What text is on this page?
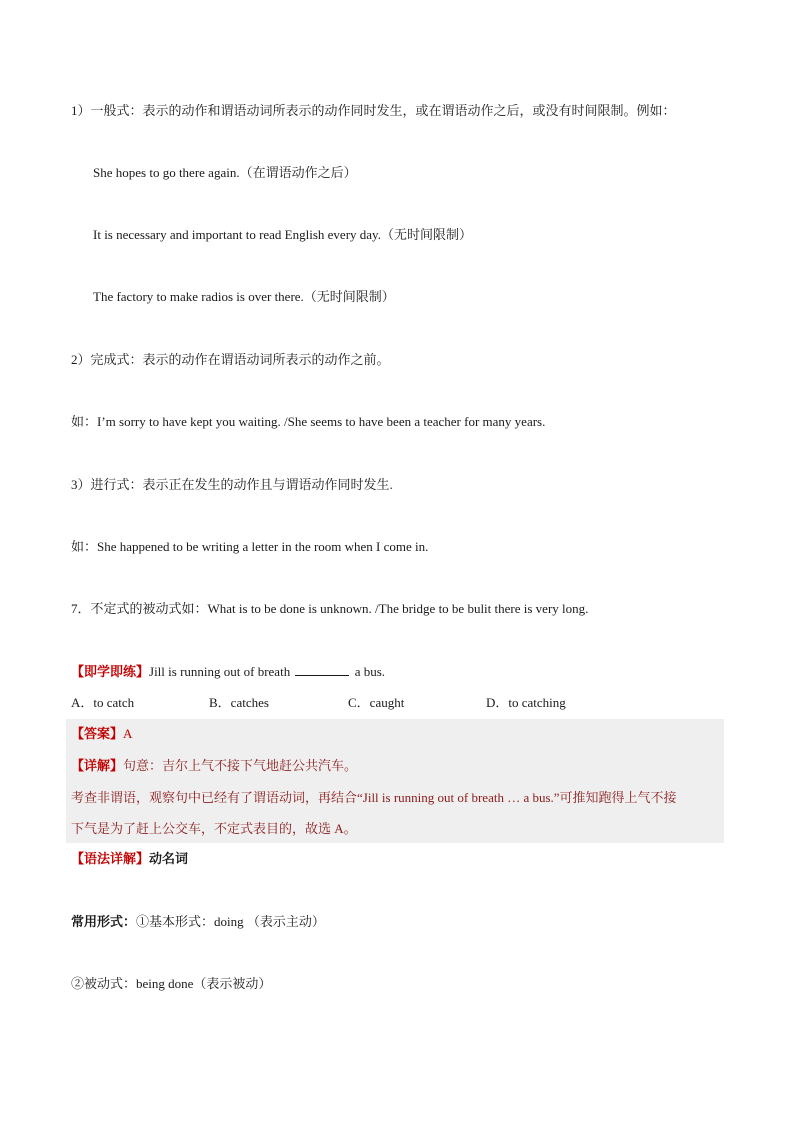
1）一般式：表示的动作和谓语动词所表示的动作同时发生，或在谓语动作之后，或没有时间限制。例如：
She hopes to go there again.（在谓语动作之后）
It is necessary and important to read English every day.（无时间限制）
The factory to make radios is over there.（无时间限制）
2）完成式：表示的动作在谓语动词所表示的动作之前。
如：I’m sorry to have kept you waiting. /She seems to have been a teacher for many years.
3）进行式：表示正在发生的动作且与谓语动作同时发生.
如：She happened to be writing a letter in the room when I come in.
7．不定式的被动式如：What is to be done is unknown. /The bridge to be bulit there is very long.
【即学即练】Jill is running out of breath	a bus.
A．to catch	B．catches	C．caught	D．to catching
【答案】A
【详解】句意：吉尔上气不接下气地赶公共汽车。
考查非谓语，观察句中已经有了谓语动词，再结合“Jill is running out of breath … a bus.”可推知跑得上气不接
下气是为了赶上公交车，不定式表目的，故选 A。
【语法详解】动名词
常用形式：①基本形式：doing （表示主动）
②被动式：being done（表示被动）
